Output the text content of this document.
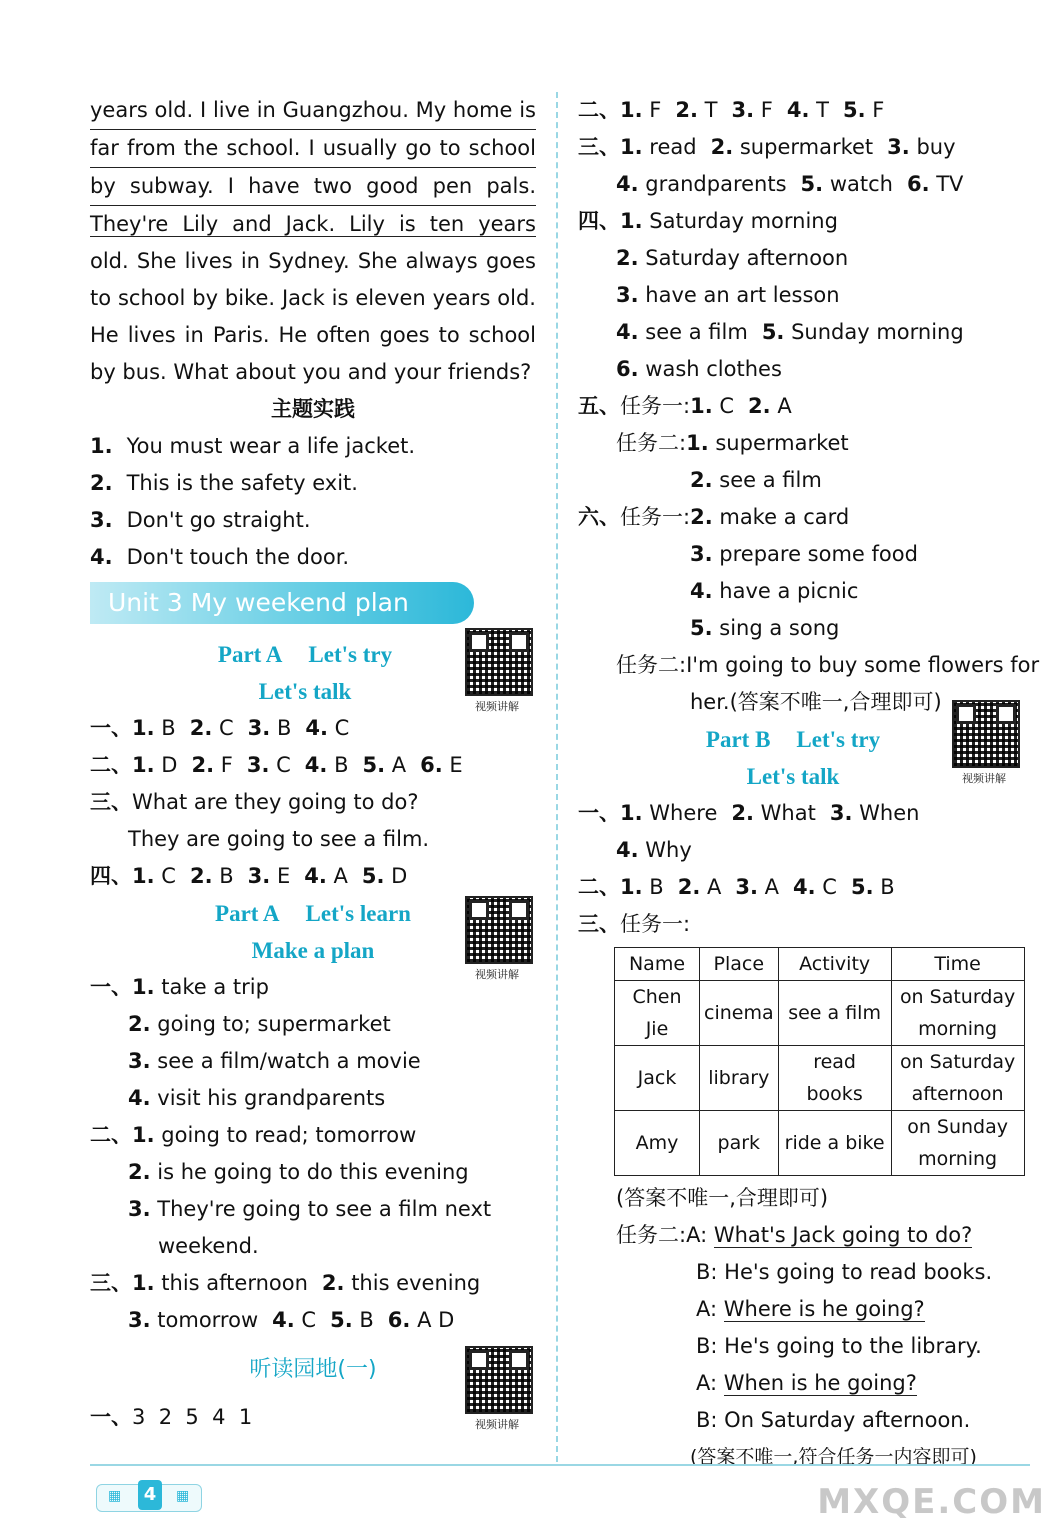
years old. I live in Guangzhou. My home is
far from the school. I usually go to school
by subway. I have two good pen pals.
They're Lily and Jack. Lily is ten years
old. She lives in Sydney. She always goes
to school by bike. Jack is eleven years old.
He lives in Paris. He often goes to school
by bus. What about you and your friends?
主题实践
1. You must wear a life jacket.
2. This is the safety exit.
3. Don't go straight.
4. Don't touch the door.
Unit 3 My weekend plan
Part A Let's try
Let's talk
一、1. B 2. C 3. B 4. C
二、1. D 2. F 3. C 4. B 5. A 6. E
三、What are they going to do?
They are going to see a film.
四、1. C 2. B 3. E 4. A 5. D
Part A Let's learn
Make a plan
一、1. take a trip
2. going to; supermarket
3. see a film/watch a movie
4. visit his grandparents
二、1. going to read; tomorrow
2. is he going to do this evening
3. They're going to see a film next
weekend.
三、1. this afternoon 2. this evening
3. tomorrow 4. C 5. B 6. A D
听读园地(一)
一、3  2  5  4  1
视频讲解
视频讲解
视频讲解
二、1. F 2. T 3. F 4. T 5. F
三、1. read 2. supermarket 3. buy
4. grandparents 5. watch 6. TV
四、1. Saturday morning
2. Saturday afternoon
3. have an art lesson
4. see a film 5. Sunday morning
6. wash clothes
五、任务一:1. C 2. A
任务二:1. supermarket
2. see a film
六、任务一:2. make a card
3. prepare some food
4. have a picnic
5. sing a song
任务二:I'm going to buy some flowers for
her.(答案不唯一,合理即可)
Part B Let's try
Let's talk
一、1. Where 2. What 3. When
4. Why
二、1. B 2. A 3. A 4. C 5. B
三、任务一:
Name	Place	Activity	Time
Chen Jie	cinema	see a film	on Saturday
morning

Jack	library	read books	on Saturday
afternoon

Amy	park	ride a bike	on Sunday
morning
(答案不唯一,合理即可)
任务二:A: What's Jack going to do?
B: He's going to read books.
A: Where is he going?
B: He's going to the library.
A: When is he going?
B: On Saturday afternoon.
(答案不唯一,符合任务一内容即可)
视频讲解
▦	▦
4	MXQE.COM
